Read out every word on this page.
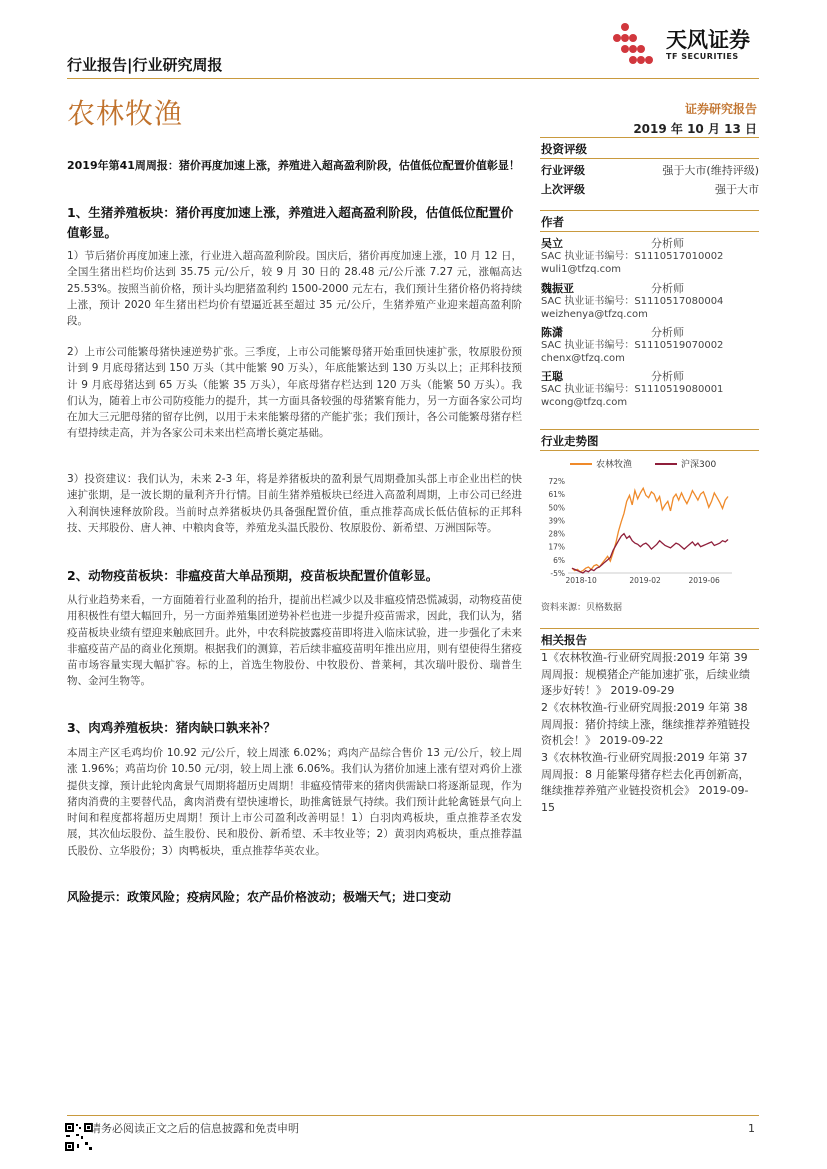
行业报告|行业研究周报
农林牧渔
天风证券
TF SECURITIES
证券研究报告
2019 年 10 月 13 日
2019年第41周周报：猪价再度加速上涨，养殖进入超高盈利阶段，估值低位配置价值彰显！
1、生猪养殖板块：猪价再度加速上涨，养殖进入超高盈利阶段，估值低位配置价值彰显。
1）节后猪价再度加速上涨，行业进入超高盈利阶段。国庆后，猪价再度加速上涨，10 月 12 日，全国生猪出栏均价达到 35.75 元/公斤，较 9 月 30 日的 28.48 元/公斤涨 7.27 元，涨幅高达 25.53%。按照当前价格，预计头均肥猪盈利约 1500-2000 元左右，我们预计生猪价格仍将持续上涨，预计 2020 年生猪出栏均价有望逼近甚至超过 35 元/公斤，生猪养殖产业迎来超高盈利阶段。
2）上市公司能繁母猪快速逆势扩张。三季度，上市公司能繁母猪开始重回快速扩张，牧原股份预计到 9 月底母猪达到 150 万头（其中能繁 90 万头），年底能繁达到 130 万头以上；正邦科技预计 9 月底母猪达到 65 万头（能繁 35 万头），年底母猪存栏达到 120 万头（能繁 50 万头）。我们认为，随着上市公司防疫能力的提升，其一方面具备较强的母猪繁育能力，另一方面各家公司均在加大三元肥母猪的留存比例，以用于未来能繁母猪的产能扩张；我们预计，各公司能繁母猪存栏有望持续走高，并为各家公司未来出栏高增长奠定基础。
3）投资建议：我们认为，未来 2-3 年，将是养猪板块的盈利景气周期叠加头部上市企业出栏的快速扩张期，是一波长期的量利齐升行情。目前生猪养殖板块已经进入高盈利周期，上市公司已经进入利润快速释放阶段。当前时点养猪板块仍具备强配置价值，重点推荐高成长低估值标的正邦科技、天邦股份、唐人神、中粮肉食等，养殖龙头温氏股份、牧原股份、新希望、万洲国际等。
2、动物疫苗板块：非瘟疫苗大单品预期，疫苗板块配置价值彰显。
从行业趋势来看，一方面随着行业盈利的抬升，提前出栏减少以及非瘟疫情恐慌减弱，动物疫苗使用积极性有望大幅回升，另一方面养殖集团逆势补栏也进一步提升疫苗需求，因此，我们认为，猪疫苗板块业绩有望迎来触底回升。此外，中农科院披露疫苗即将进入临床试验，进一步强化了未来非瘟疫苗产品的商业化预期。根据我们的测算，若后续非瘟疫苗明年推出应用，则有望使得生猪疫苗市场容量实现大幅扩容。标的上，首选生物股份、中牧股份、普莱柯，其次瑞叶股份、瑞普生物、金河生物等。
3、肉鸡养殖板块：猪肉缺口孰来补？
本周主产区毛鸡均价 10.92 元/公斤，较上周涨 6.02%；鸡肉产品综合售价 13 元/公斤，较上周涨 1.96%；鸡苗均价 10.50 元/羽，较上周上涨 6.06%。我们认为猪价加速上涨有望对鸡价上涨提供支撑，预计此轮肉禽景气周期将超历史周期！非瘟疫情带来的猪肉供需缺口将逐渐显现，作为猪肉消费的主要替代品，禽肉消费有望快速增长，助推禽链景气持续。我们预计此轮禽链景气向上时间和程度都将超历史周期！预计上市公司盈利改善明显！1）白羽肉鸡板块，重点推荐圣农发展，其次仙坛股份、益生股份、民和股份、新希望、禾丰牧业等；2）黄羽肉鸡板块，重点推荐温氏股份、立华股份；3）肉鸭板块，重点推荐华英农业。
风险提示：政策风险；疫病风险；农产品价格波动；极端天气；进口变动
投资评级
行业评级	强于大市(维持评级)
上次评级	强于大市
作者
吴立	分析师
SAC 执业证书编号：S1110517010002
wuli1@tfzq.com
魏振亚	分析师
SAC 执业证书编号：S1110517080004
weizhenya@tfzq.com
陈潇	分析师
SAC 执业证书编号：S1110519070002
chenx@tfzq.com
王聪	分析师
SAC 执业证书编号：S1110519080001
wcong@tfzq.com
行业走势图
农林牧渔	沪深300
72%
61%
50%
39%
28%
17%
6%
-5%
2018-10	2019-02	2019-06
资料来源：贝格数据
相关报告
1《农林牧渔-行业研究周报:2019 年第 39 周周报：规模猪企产能加速扩张，后续业绩逐步好转！》 2019-09-29
2《农林牧渔-行业研究周报:2019 年第 38 周周报：猪价持续上涨，继续推荐养殖链投资机会！》 2019-09-22
3《农林牧渔-行业研究周报:2019 年第 37 周周报：8 月能繁母猪存栏去化再创新高，继续推荐养殖产业链投资机会》 2019-09-15
请务必阅读正文之后的信息披露和免责申明	1
